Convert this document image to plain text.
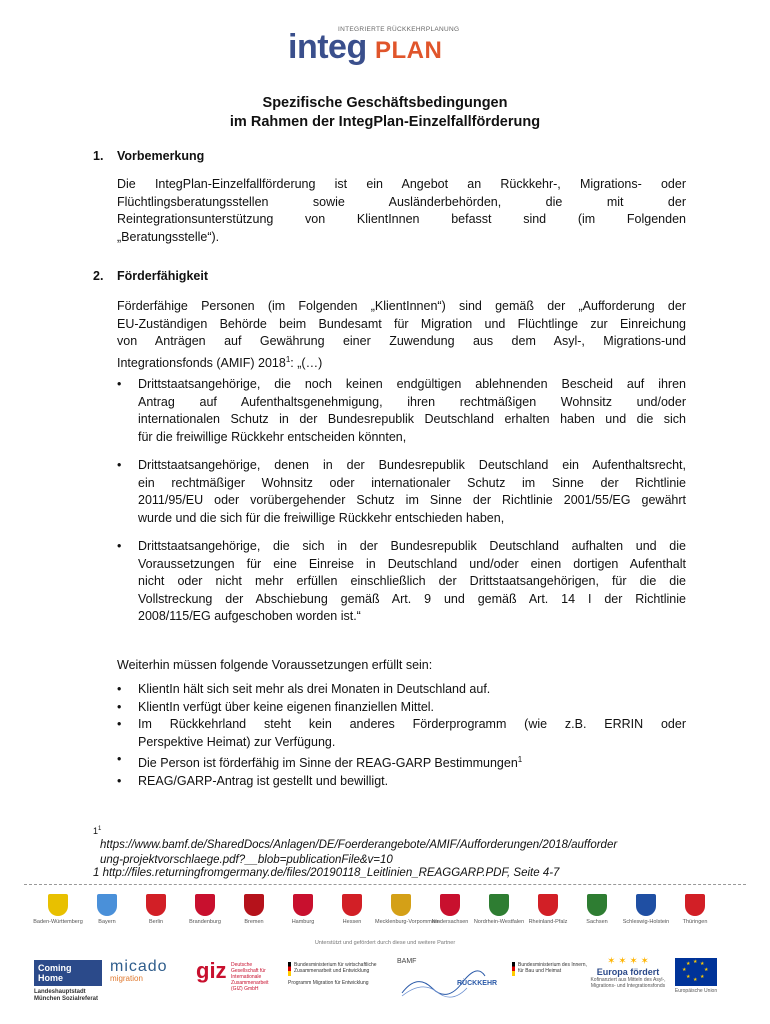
INTEGRIERTE RÜCKKEHRPLANUNG
integ PLAN
Spezifische Geschäftsbedingungen
im Rahmen der IntegPlan-Einzelfallförderung
1. Vorbemerkung
Die IntegPlan-Einzelfallförderung ist ein Angebot an Rückkehr-, Migrations- oder
Flüchtlingsberatungsstellen sowie Ausländerbehörden, die mit der
Reintegrationsunterstützung von KlientInnen befasst sind (im Folgenden
„Beratungsstelle“).
2. Förderfähigkeit
Förderfähige Personen (im Folgenden „KlientInnen“) sind gemäß der „Aufforderung der
EU-Zuständigen Behörde beim Bundesamt für Migration und Flüchtlinge zur Einreichung
von Anträgen auf Gewährung einer Zuwendung aus dem Asyl-, Migrations-und
Integrationsfonds (AMIF) 2018$^1$: „(…)
• Drittstaatsangehörige, die noch keinen endgültigen ablehnenden Bescheid auf ihren
Antrag auf Aufenthaltsgenehmigung, ihren rechtmäßigen Wohnsitz und/oder
internationalen Schutz in der Bundesrepublik Deutschland erhalten haben und die sich
für die freiwillige Rückkehr entscheiden könnten,
• Drittstaatsangehörige, denen in der Bundesrepublik Deutschland ein Aufenthaltsrecht,
ein rechtmäßiger Wohnsitz oder internationaler Schutz im Sinne der Richtlinie
2011/95/EU oder vorübergehender Schutz im Sinne der Richtlinie 2001/55/EG gewährt
wurde und die sich für die freiwillige Rückkehr entschieden haben,
• Drittstaatsangehörige, die sich in der Bundesrepublik Deutschland aufhalten und die
Voraussetzungen für eine Einreise in Deutschland und/oder einen dortigen Aufenthalt
nicht oder nicht mehr erfüllen einschließlich der Drittstaatsangehörigen, für die die
Vollstreckung der Abschiebung gemäß Art. 9 und gemäß Art. 14 I der Richtlinie
2008/115/EG aufgeschoben worden ist.“
Weiterhin müssen folgende Voraussetzungen erfüllt sein:
• KlientIn hält sich seit mehr als drei Monaten in Deutschland auf.
• KlientIn verfügt über keine eigenen finanziellen Mittel.
• Im Rückkehrland steht kein anderes Förderprogramm (wie z.B. ERRIN oder
Perspektive Heimat) zur Verfügung.
• Die Person ist förderfähig im Sinne der REAG-GARP Bestimmungen$^1$
• REAG/GARP-Antrag ist gestellt und bewilligt.
$1^1$
https://www.bamf.de/SharedDocs/Anlagen/DE/Foerderangebote/AMIF/Aufforderungen/2018/aufforder
ung-projektvorschlaege.pdf?__blob=publicationFile&v=10
1 http://files.returningfromgermany.de/files/20190118_Leitlinien_REAGGARP.PDF, Seite 4-7
Baden-Württemberg	Bayern	Berlin	Brandenburg	Bremen	Hamburg	Hessen	Mecklenburg-Vorpommern
Niedersachsen Nordrhein-Westfalen Rheinland-Pfalz	Sachsen	Schleswig-Holstein	Thüringen
Unterstützt und gefördert durch diese und weitere Partner
Coming Home
Landeshauptstadt München Sozialreferat
micado
migration	giz Deutsche Gesellschaft für Internationale Zusammenarbeit (GIZ) GmbH
Bundesministerium für wirtschaftliche Zusammenarbeit und Entwicklung
Programm Migration für Entwicklung
BAMF
RÜCKKEHR
Bundesministerium des Innern, für Bau und Heimat
✶ ✶ ✶ ✶
Europa fördert
Kofinanziert aus Mitteln des Asyl-, Migrations- und Integrationsfonds
★ ★
★
★
★
★
★
★
Europäische Union
